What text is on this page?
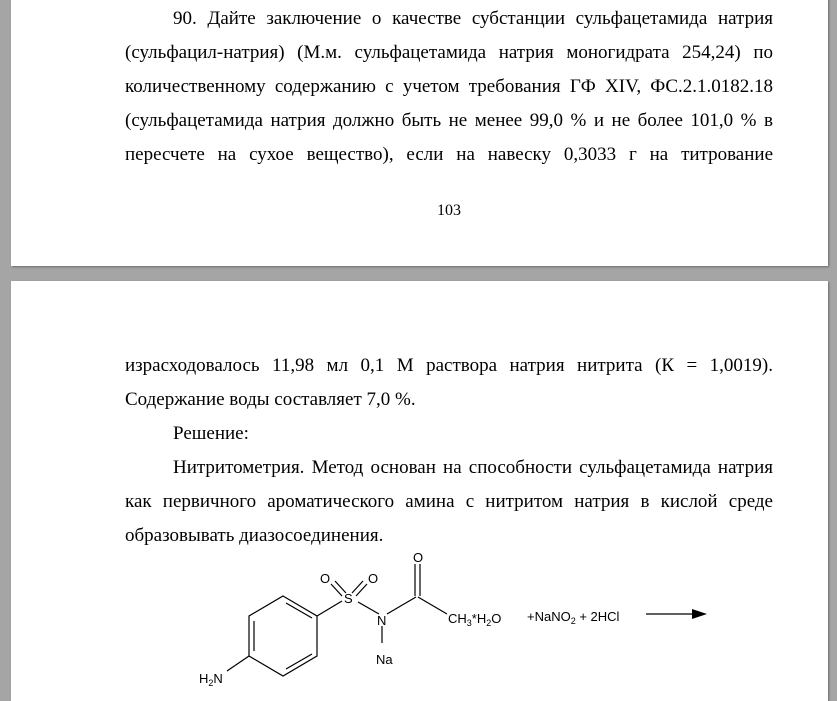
90. Дайте заключение о качестве субстанции сульфацетамида натрия
(сульфацил-натрия) (М.м. сульфацетамида натрия моногидрата 254,24) по
количественному содержанию с учетом требования ГФ XIV, ФС.2.1.0182.18
(сульфацетамида натрия должно быть не менее 99,0 % и не более 101,0 % в
пересчете на сухое вещество), если на навеску 0,3033 г на титрование
103
израсходовалось 11,98 мл 0,1 М раствора натрия нитрита (К = 1,0019).
Содержание воды составляет 7,0 %.
Решение:
Нитритометрия. Метод основан на способности сульфацетамида натрия
как первичного ароматического амина с нитритом натрия в кислой среде
образовывать диазосоединения.
O
O	O
S
N
Na
$CH_3*H_2O$ +NaNO$_2$ + 2HCl
$H_2N$
